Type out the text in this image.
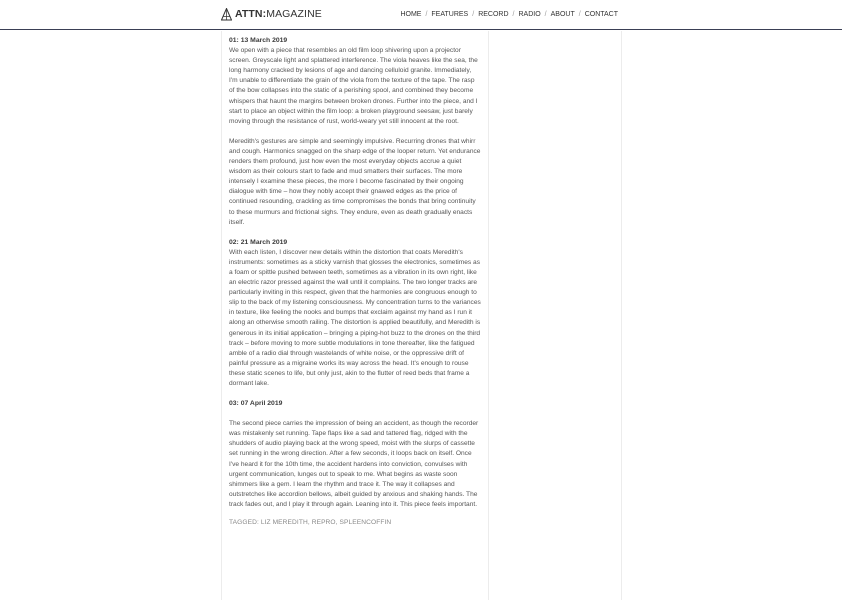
ATTN:MAGAZINE	HOME / FEATURES / RECORD / RADIO / ABOUT / CONTACT
01: 13 March 2019

We open with a piece that resembles an old film loop shivering upon a projector screen. Greyscale light and splattered interference. The viola heaves like the sea, the long harmony cracked by lesions of age and dancing celluloid granite. Immediately, I'm unable to differentiate the grain of the viola from the texture of the tape. The rasp of the bow collapses into the static of a perishing spool, and combined they become whispers that haunt the margins between broken drones. Further into the piece, and I start to place an object within the film loop: a broken playground seesaw, just barely moving through the resistance of rust, world-weary yet still innocent at the root.

Meredith's gestures are simple and seemingly impulsive. Recurring drones that whirr and cough. Harmonics snagged on the sharp edge of the looper return. Yet endurance renders them profound, just how even the most everyday objects accrue a quiet wisdom as their colours start to fade and mud smatters their surfaces. The more intensely I examine these pieces, the more I become fascinated by their ongoing dialogue with time – how they nobly accept their gnawed edges as the price of continued resounding, crackling as time compromises the bonds that bring continuity to these murmurs and frictional sighs. They endure, even as death gradually enacts itself.

02: 21 March 2019

With each listen, I discover new details within the distortion that coats Meredith's instruments: sometimes as a sticky varnish that glosses the electronics, sometimes as a foam or spittle pushed between teeth, sometimes as a vibration in its own right, like an electric razor pressed against the wall until it complains. The two longer tracks are particularly inviting in this respect, given that the harmonies are congruous enough to slip to the back of my listening consciousness. My concentration turns to the variances in texture, like feeling the nooks and bumps that exclaim against my hand as I run it along an otherwise smooth railing. The distortion is applied beautifully, and Meredith is generous in its initial application – bringing a piping-hot buzz to the drones on the third track – before moving to more subtle modulations in tone thereafter, like the fatigued amble of a radio dial through wastelands of white noise, or the oppressive drift of painful pressure as a migraine works its way across the head. It's enough to rouse these static scenes to life, but only just, akin to the flutter of reed beds that frame a dormant lake.

03: 07 April 2019

The second piece carries the impression of being an accident, as though the recorder was mistakenly set running. Tape flaps like a sad and tattered flag, ridged with the shudders of audio playing back at the wrong speed, moist with the slurps of cassette set running in the wrong direction. After a few seconds, it loops back on itself. Once I've heard it for the 10th time, the accident hardens into conviction, convulses with urgent communication, lunges out to speak to me. What begins as waste soon shimmers like a gem. I learn the rhythm and trace it. The way it collapses and outstretches like accordion bellows, albeit guided by anxious and shaking hands. The track fades out, and I play it through again. Leaning into it. This piece feels important.

TAGGED: LIZ MEREDITH, REPRO, SPLEENCOFFIN
